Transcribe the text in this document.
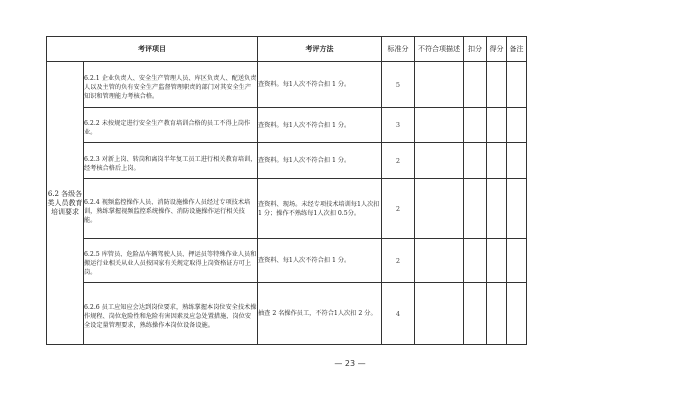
考评项目		考评方法	标准分	不符合项描述	扣分	得分	备注
6.2 各级各类人员教育培训要求	6.2.1 企业负责人、安全生产管理人员、库区负责人、配送负责人以及主管的负有安全生产监督管理职责的部门对其安全生产知识和管理能力考核合格。	查资料。每1人次不符合扣 1 分。	5				

	6.2.2 未按规定进行安全生产教育培训合格的员工不得上岗作业。	查资料。每1人次不符合扣 1 分。	3				

	6.2.3 对新上岗、转岗和离岗半年复工员工进行相关教育培训，经考核合格后上岗。	查资料。每1人次不符合扣 1 分。	2				

	6.2.4 视频监控操作人员、消防设施操作人员经过专项技术培训，熟练掌握视频监控系统操作、消防设施操作运行相关技能。	查资料、现场。未经专项技术培训每1人次扣 1 分；操作不熟练每1人次扣 0.5分。	2				

	6.2.5 库管员、危险品车辆驾驶人员、押运员等特殊作业人员和搬运行业相关从业人员按国家有关规定取得上岗资格证方可上岗。	查资料、每1人次不符合扣 1 分。	2				

	6.2.6 员工应知应会达到岗位要求，熟练掌握本岗位安全技术操作规程、岗位危险性和危险有害因素及应急处置措施、岗位安全设定量管理要求，熟练操作本岗位设备设施。	抽查 2 名操作员工，不符合1人次扣 2 分。	4				
— 23 —
